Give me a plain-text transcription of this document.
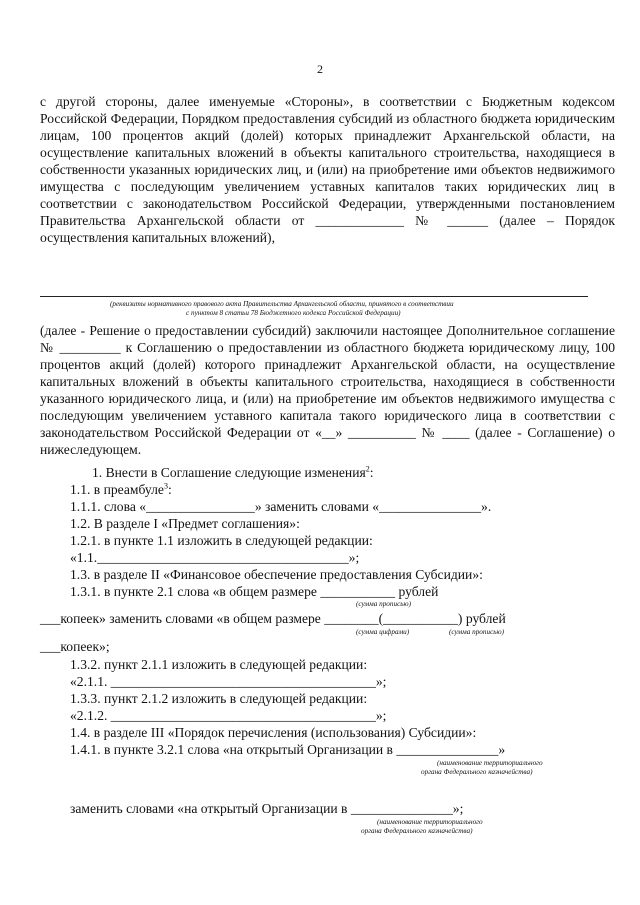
2
с другой стороны, далее именуемые «Стороны», в соответствии с Бюджетным кодексом Российской Федерации, Порядком предоставления субсидий из областного бюджета юридическим лицам, 100 процентов акций (долей) которых принадлежит Архангельской области, на осуществление капитальных вложений в объекты капитального строительства, находящиеся в собственности указанных юридических лиц, и (или) на приобретение ими объектов недвижимого имущества с последующим увеличением уставных капиталов таких юридических лиц в соответствии с законодательством Российской Федерации, утвержденными постановлением Правительства Архангельской области от _____________ № ______ (далее – Порядок осуществления капитальных вложений),
(реквизиты нормативного правового акта Правительства Архангельской области, принятого в соответствии
с пунктом 8 статьи 78 Бюджетного кодекса Российской Федерации)
(далее - Решение о предоставлении субсидий) заключили настоящее Дополнительное соглашение № _________ к Соглашению о предоставлении из областного бюджета юридическому лицу, 100 процентов акций (долей) которого принадлежит Архангельской области, на осуществление капитальных вложений в объекты капитального строительства, находящиеся в собственности указанного юридического лица, и (или) на приобретение им объектов недвижимого имущества с последующим увеличением уставного капитала такого юридического лица в соответствии с законодательством Российской Федерации от «__» __________ № ____ (далее - Соглашение) о нижеследующем.
1. Внести в Соглашение следующие изменения$^2$:
1.1. в преамбуле$^3$:
1.1.1. слова «________________» заменить словами «_______________».
1.2. В разделе I «Предмет соглашения»:
1.2.1. в пункте 1.1 изложить в следующей редакции:
«1.1._____________________________________»;
1.3. в разделе II «Финансовое обеспечение предоставления Субсидии»:
1.3.1. в пункте 2.1 слова «в общем размере ___________ рублей
(сумма прописью)
___копеек» заменить словами «в общем размере ________(___________) рублей
(сумма цифрами)	(сумма прописью)
___копеек»;
1.3.2. пункт 2.1.1 изложить в следующей редакции:
«2.1.1. _______________________________________»;
1.3.3. пункт 2.1.2 изложить в следующей редакции:
«2.1.2. _______________________________________»;
1.4. в разделе III «Порядок перечисления (использования) Субсидии»:
1.4.1. в пункте 3.2.1 слова «на открытый Организации в _______________»
(наименование территориального
органа Федерального казначейства)
заменить словами «на открытый Организации в _______________»;
(наименование территориального
органа Федерального казначейства)
